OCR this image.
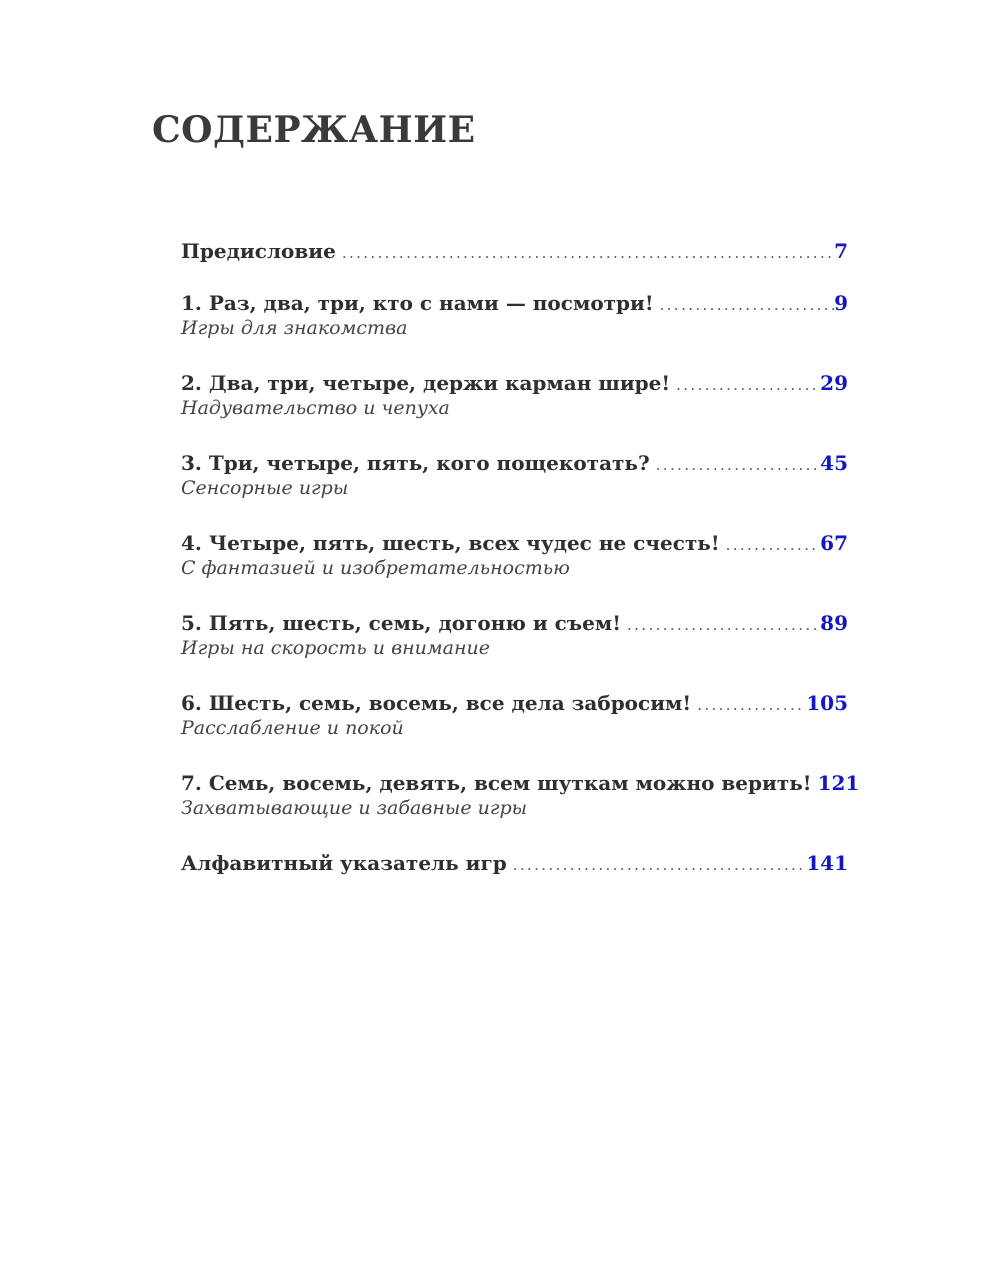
СОДЕРЖАНИЕ
Предисловие . . .	7
1. Раз, два, три, кто с нами — посмотри! . . .	9
Игры для знакомства
2. Два, три, четыре, держи карман шире! . . .	29
Надувательство и чепуха
3. Три, четыре, пять, кого пощекотать? . . .	45
Сенсорные игры
4. Четыре, пять, шесть, всех чудес не счесть! . . .	67
С фантазией и изобретательностью
5. Пять, шесть, семь, догоню и съем! . . .	89
Игры на скорость и внимание
6. Шесть, семь, восемь, все дела забросим! . . .	105
Расслабление и покой
7. Семь, восемь, девять, всем шуткам можно верить! 121
Захватывающие и забавные игры
Алфавитный указатель игр . . .	141
